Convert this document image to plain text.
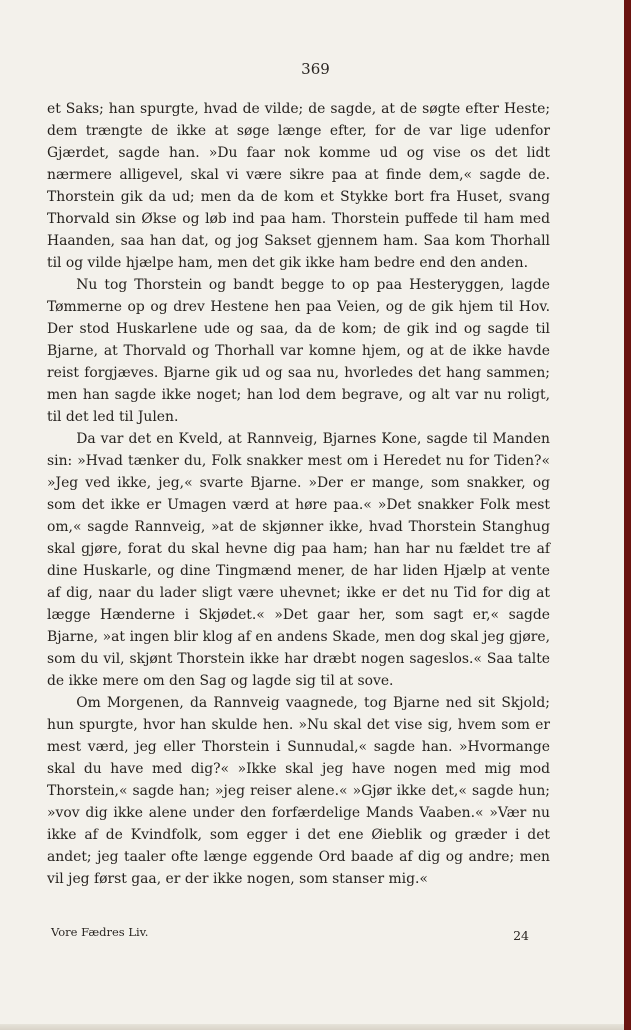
369

et Saks; han spurgte, hvad de vilde; de sagde, at de søgte efter Heste; dem trængte de ikke at søge længe efter, for de var lige udenfor Gjærdet, sagde han. »Du faar nok komme ud og vise os det lidt nærmere alligevel, skal vi være sikre paa at finde dem,« sagde de. Thorstein gik da ud; men da de kom et Stykke bort fra Huset, svang Thorvald sin Økse og løb ind paa ham. Thorstein puffede til ham med Haanden, saa han dat, og jog Sakset gjennem ham. Saa kom Thorhall til og vilde hjælpe ham, men det gik ikke ham bedre end den anden.

Nu tog Thorstein og bandt begge to op paa Hesteryggen, lagde Tømmerne op og drev Hestene hen paa Veien, og de gik hjem til Hov. Der stod Huskarlene ude og saa, da de kom; de gik ind og sagde til Bjarne, at Thorvald og Thorhall var komne hjem, og at de ikke havde reist forgjæves. Bjarne gik ud og saa nu, hvorledes det hang sammen; men han sagde ikke noget; han lod dem begrave, og alt var nu roligt, til det led til Julen.

Da var det en Kveld, at Rannveig, Bjarnes Kone, sagde til Manden sin: »Hvad tænker du, Folk snakker mest om i Heredet nu for Tiden?« »Jeg ved ikke, jeg,« svarte Bjarne. »Der er mange, som snakker, og som det ikke er Umagen værd at høre paa.« »Det snakker Folk mest om,« sagde Rannveig, »at de skjønner ikke, hvad Thorstein Stanghug skal gjøre, forat du skal hevne dig paa ham; han har nu fældet tre af dine Huskarle, og dine Tingmænd mener, de har liden Hjælp at vente af dig, naar du lader sligt være uhevnet; ikke er det nu Tid for dig at lægge Hænderne i Skjødet.« »Det gaar her, som sagt er,« sagde Bjarne, »at ingen blir klog af en andens Skade, men dog skal jeg gjøre, som du vil, skjønt Thorstein ikke har dræbt nogen sageslos.« Saa talte de ikke mere om den Sag og lagde sig til at sove.

Om Morgenen, da Rannveig vaagnede, tog Bjarne ned sit Skjold; hun spurgte, hvor han skulde hen. »Nu skal det vise sig, hvem som er mest værd, jeg eller Thorstein i Sunnudal,« sagde han. »Hvormange skal du have med dig?« »Ikke skal jeg have nogen med mig mod Thorstein,« sagde han; »jeg reiser alene.« »Gjør ikke det,« sagde hun; »vov dig ikke alene under den forfærdelige Mands Vaaben.« »Vær nu ikke af de Kvindfolk, som egger i det ene Øieblik og græder i det andet; jeg taaler ofte længe eggende Ord baade af dig og andre; men vil jeg først gaa, er der ikke nogen, som stanser mig.«

Vore Fædres Liv.	24
